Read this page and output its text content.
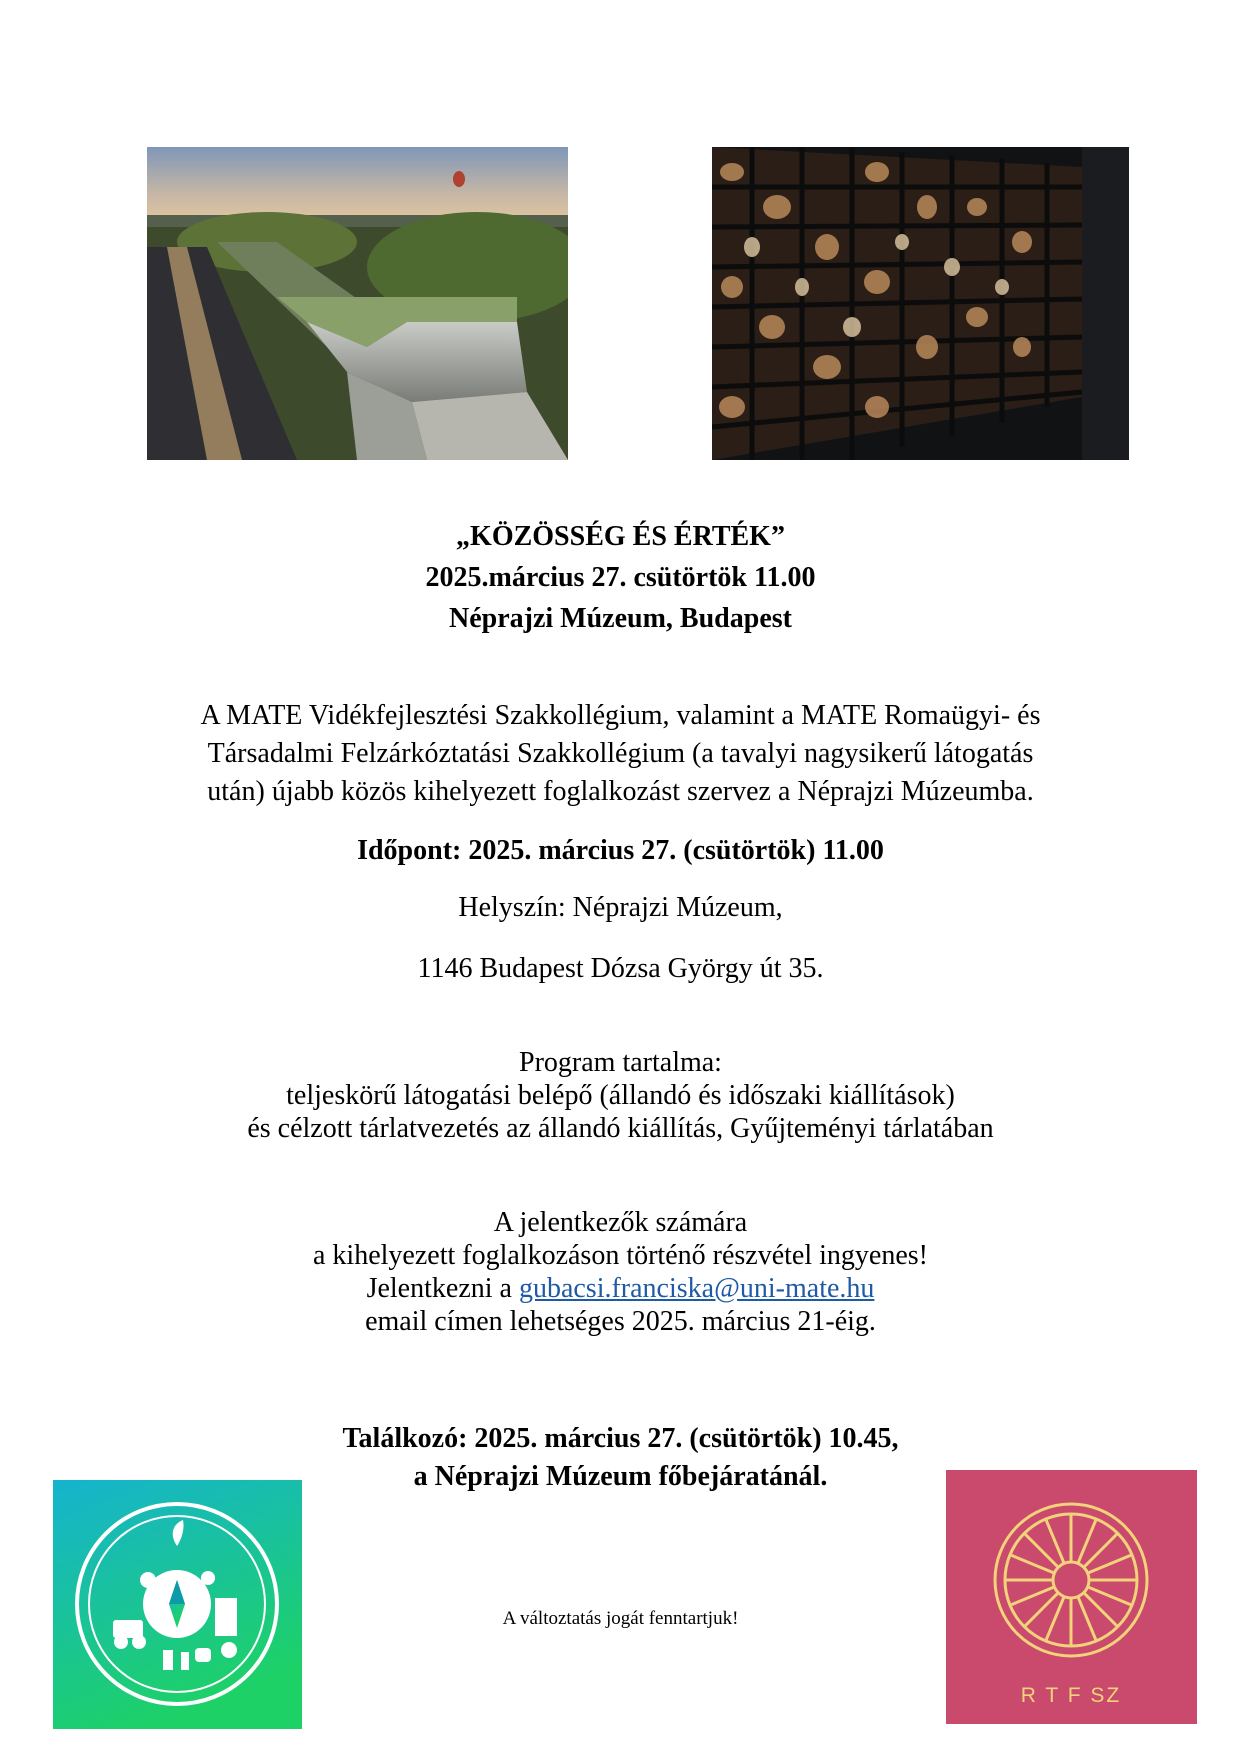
„KÖZÖSSÉG ÉS ÉRTÉK”
2025.március 27. csütörtök 11.00
Néprajzi Múzeum, Budapest
A MATE Vidékfejlesztési Szakkollégium, valamint a MATE Romaügyi- és
Társadalmi Felzárkóztatási Szakkollégium (a tavalyi nagysikerű látogatás
után) újabb közös kihelyezett foglalkozást szervez a Néprajzi Múzeumba.
Időpont: 2025. március 27. (csütörtök) 11.00
Helyszín: Néprajzi Múzeum,
1146 Budapest Dózsa György út 35.
Program tartalma:
teljeskörű látogatási belépő (állandó és időszaki kiállítások)
és célzott tárlatvezetés az állandó kiállítás, Gyűjteményi tárlatában
A jelentkezők számára
a kihelyezett foglalkozáson történő részvétel ingyenes!
Jelentkezni a gubacsi.franciska@uni-mate.hu
email címen lehetséges 2025. március 21-éig.
Találkozó: 2025. március 27. (csütörtök) 10.45,
a Néprajzi Múzeum főbejáratánál.
A változtatás jogát fenntartjuk!
R T F SZ
